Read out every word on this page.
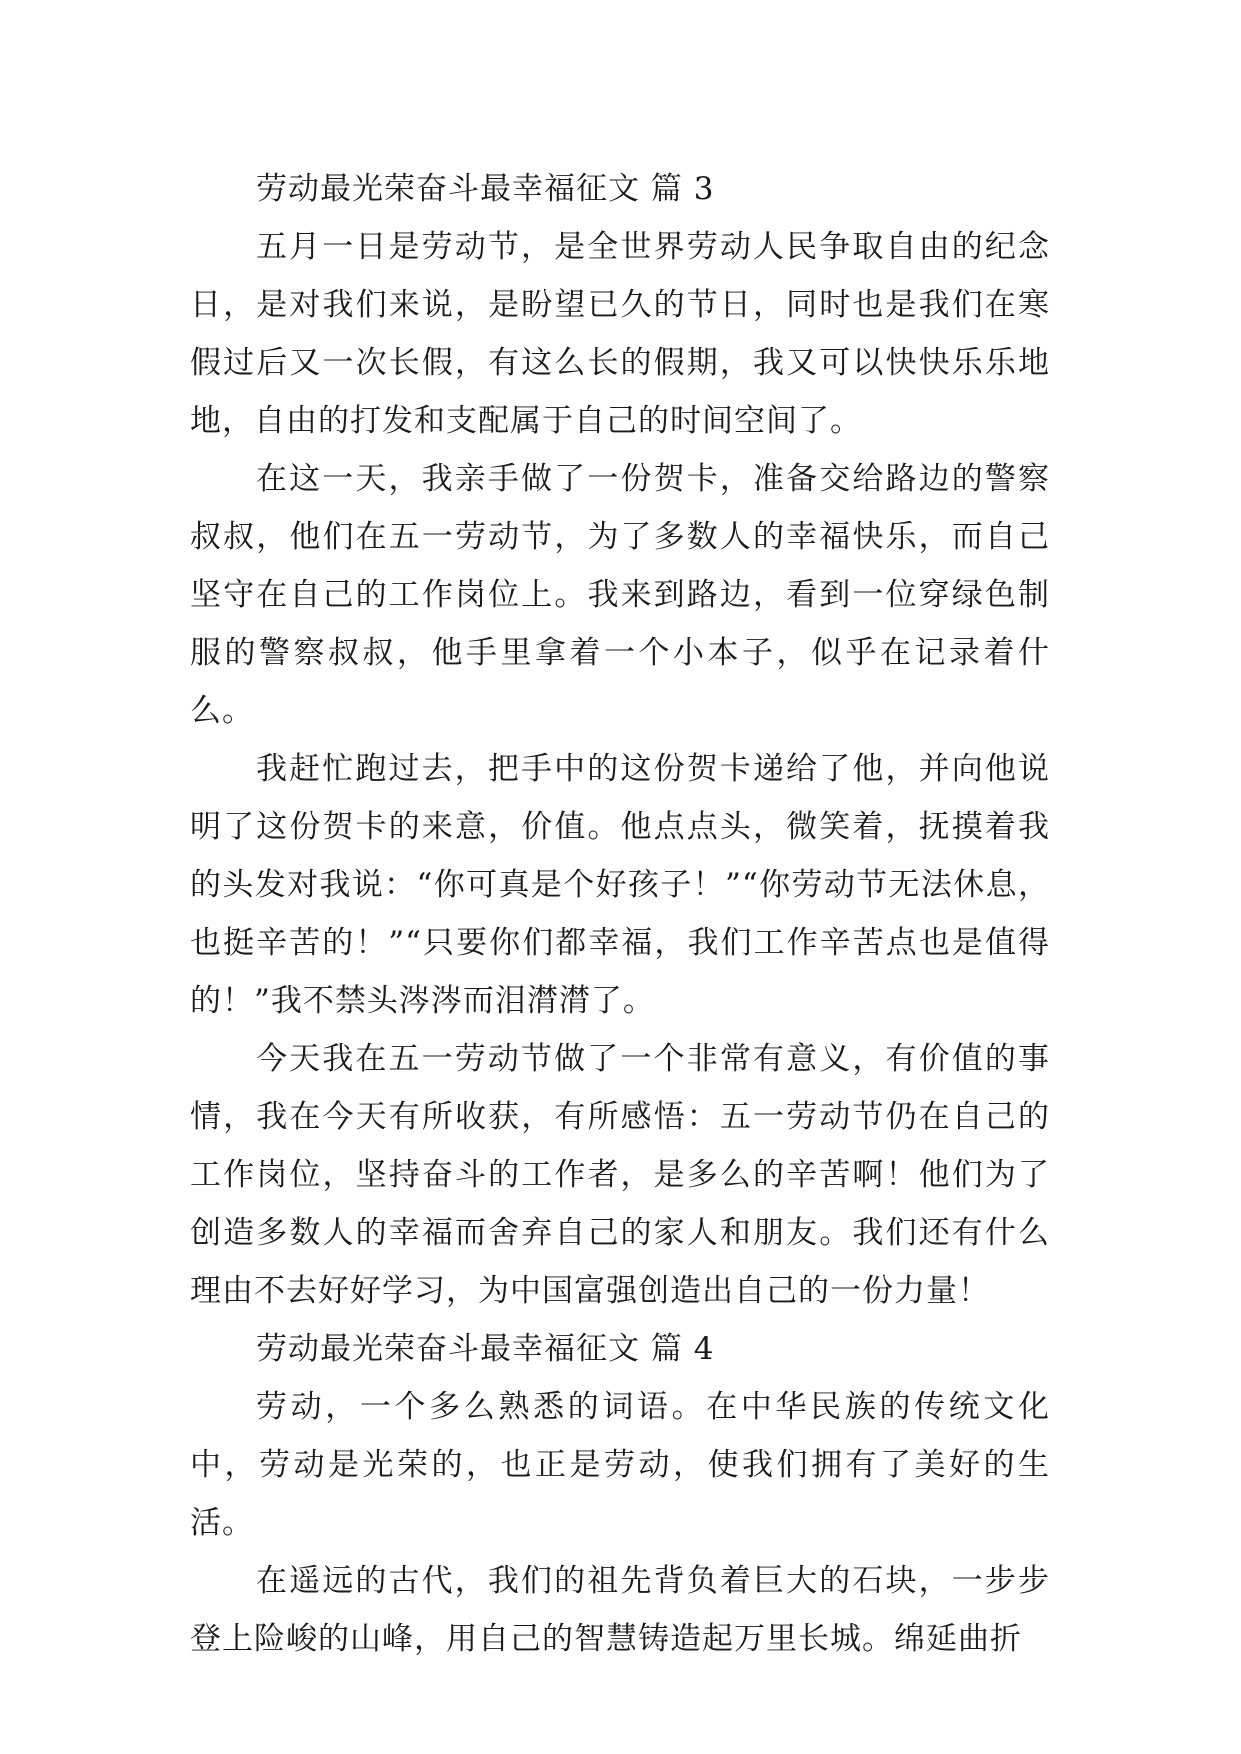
劳动最光荣奋斗最幸福征文 篇 3

五月一日是劳动节，是全世界劳动人民争取自由的纪念日，是对我们来说，是盼望已久的节日，同时也是我们在寒假过后又一次长假，有这么长的假期，我又可以快快乐乐地地，自由的打发和支配属于自己的时间空间了。

在这一天，我亲手做了一份贺卡，准备交给路边的警察叔叔，他们在五一劳动节，为了多数人的幸福快乐，而自己坚守在自己的工作岗位上。我来到路边，看到一位穿绿色制服的警察叔叔，他手里拿着一个小本子，似乎在记录着什么。

我赶忙跑过去，把手中的这份贺卡递给了他，并向他说明了这份贺卡的来意，价值。他点点头，微笑着，抚摸着我的头发对我说：“你可真是个好孩子！”“你劳动节无法休息，也挺辛苦的！”“只要你们都幸福，我们工作辛苦点也是值得的！”我不禁头涔涔而泪潸潸了。

今天我在五一劳动节做了一个非常有意义，有价值的事情，我在今天有所收获，有所感悟：五一劳动节仍在自己的工作岗位，坚持奋斗的工作者，是多么的辛苦啊！他们为了创造多数人的幸福而舍弃自己的家人和朋友。我们还有什么理由不去好好学习，为中国富强创造出自己的一份力量！

劳动最光荣奋斗最幸福征文 篇 4

劳动，一个多么熟悉的词语。在中华民族的传统文化中，劳动是光荣的，也正是劳动，使我们拥有了美好的生活。

在遥远的古代，我们的祖先背负着巨大的石块，一步步登上险峻的山峰，用自己的智慧铸造起万里长城。绵延曲折
